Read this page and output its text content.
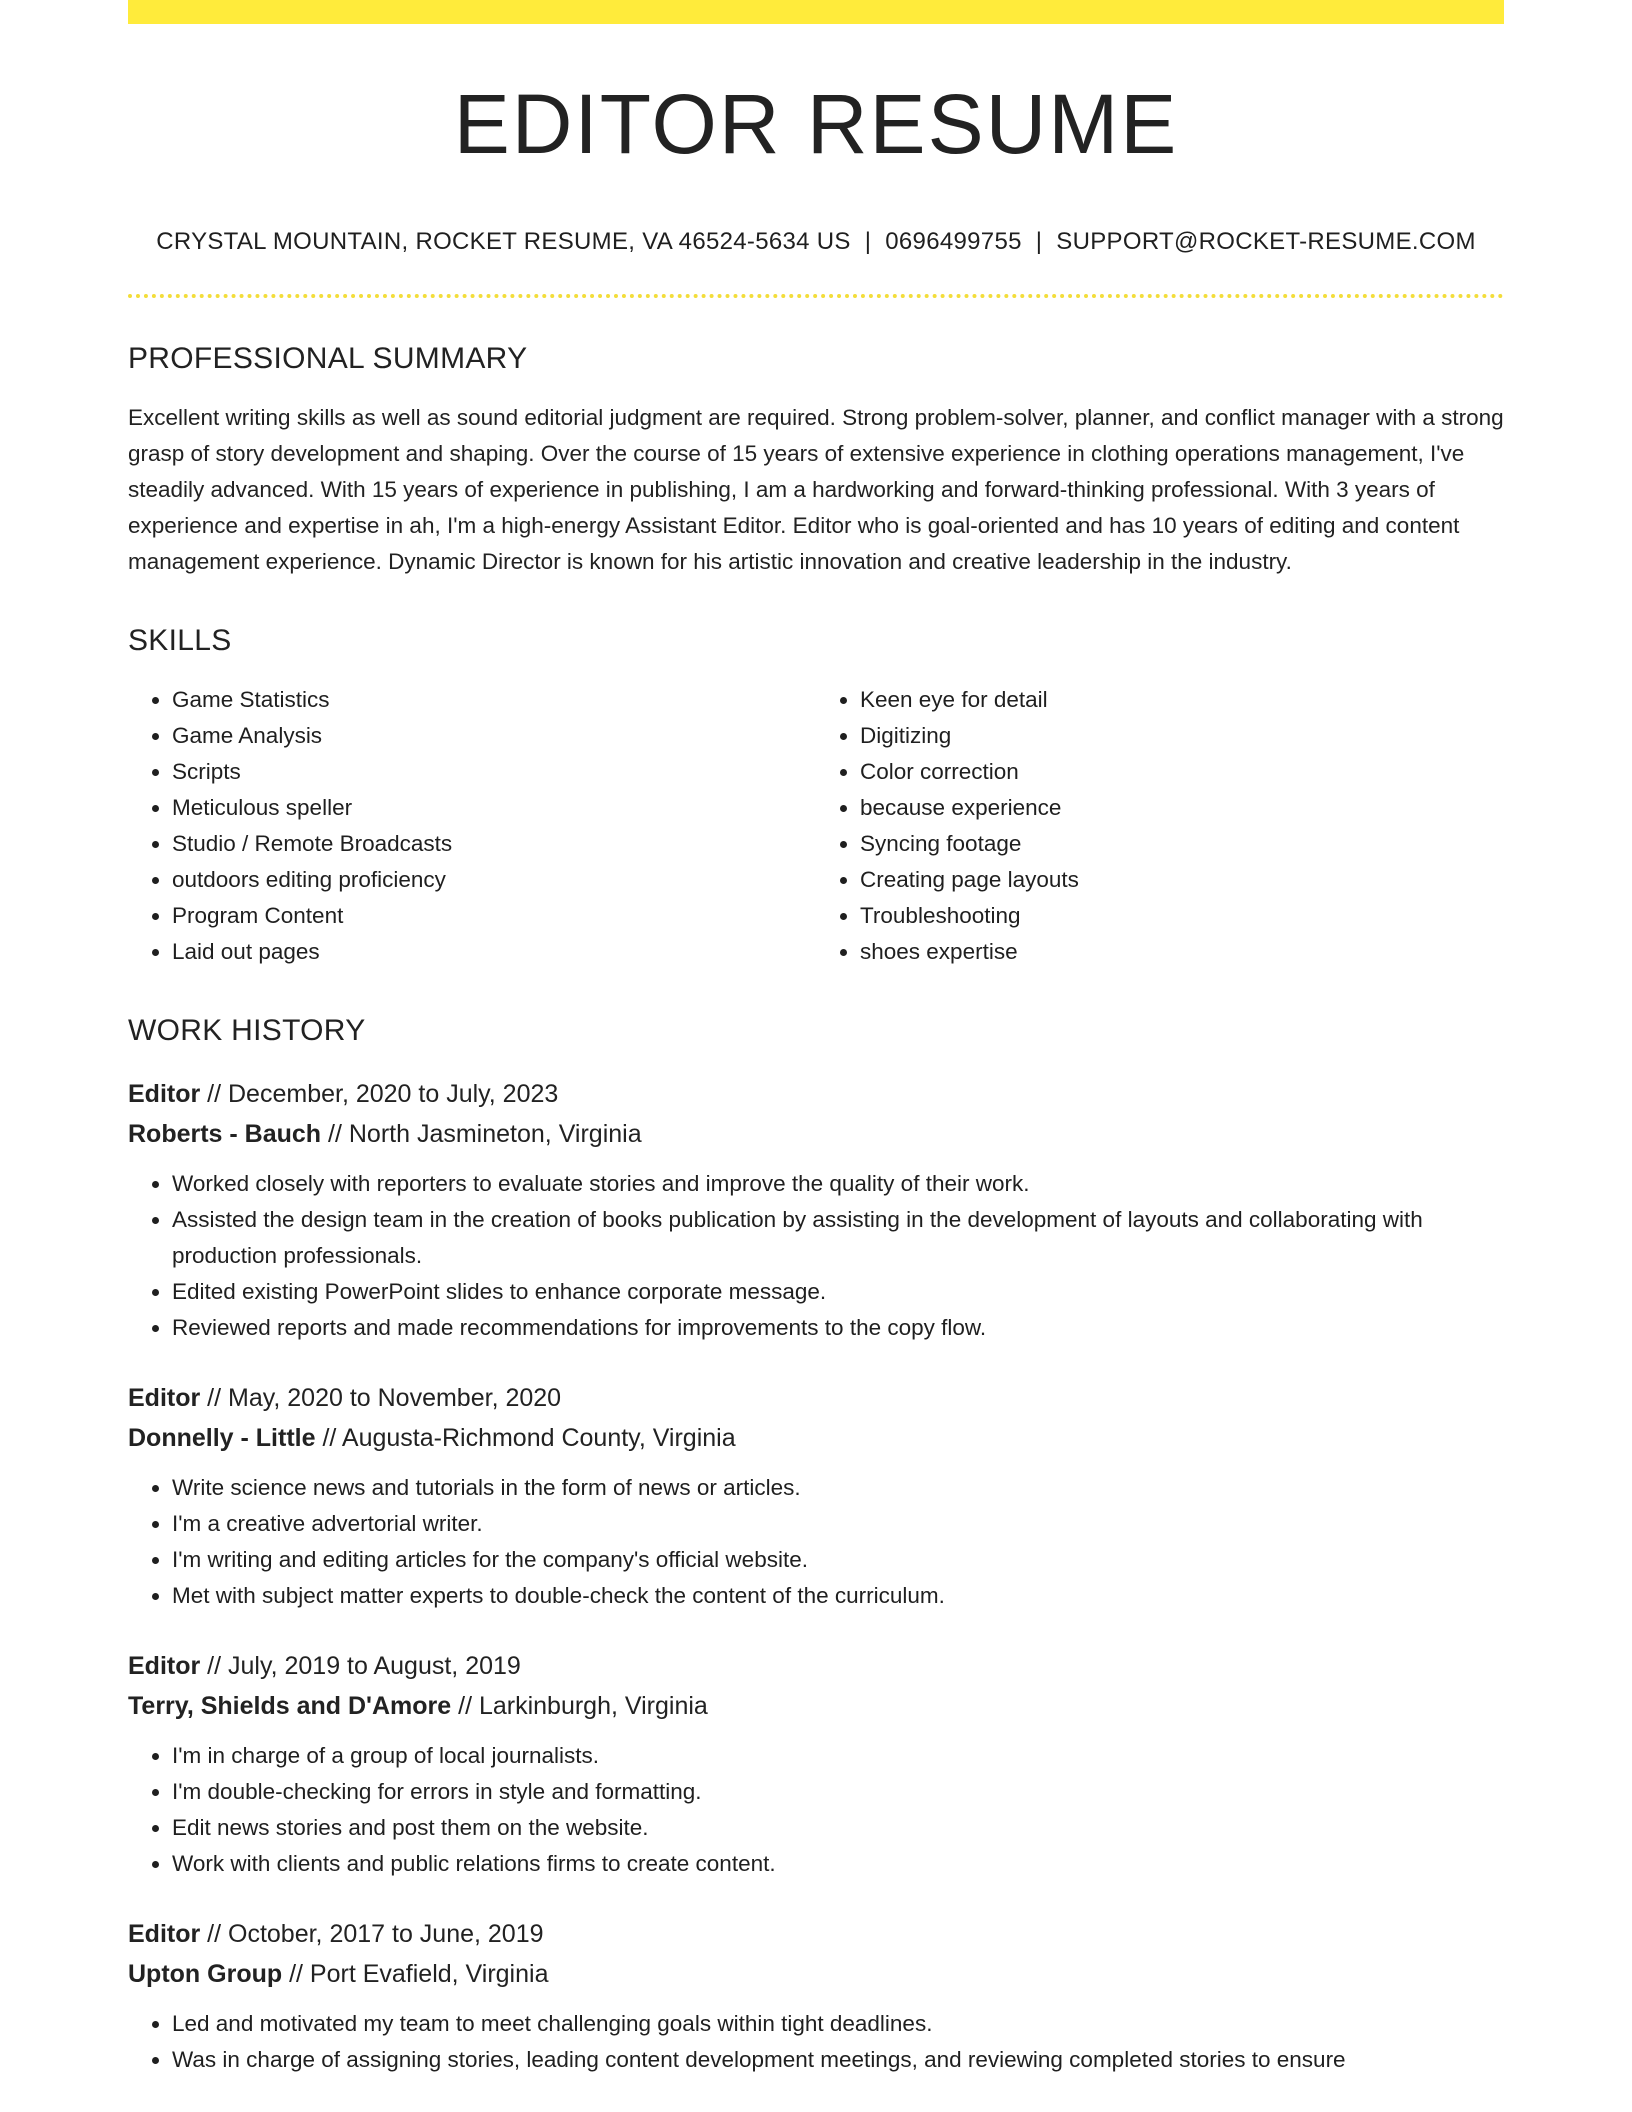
EDITOR RESUME
CRYSTAL MOUNTAIN, ROCKET RESUME, VA 46524-5634 US | 0696499755 | SUPPORT@ROCKET-RESUME.COM
PROFESSIONAL SUMMARY

Excellent writing skills as well as sound editorial judgment are required. Strong problem-solver, planner, and conflict manager with a strong grasp of story development and shaping. Over the course of 15 years of extensive experience in clothing operations management, I've steadily advanced. With 15 years of experience in publishing, I am a hardworking and forward-thinking professional. With 3 years of experience and expertise in ah, I'm a high-energy Assistant Editor. Editor who is goal-oriented and has 10 years of editing and content management experience. Dynamic Director is known for his artistic innovation and creative leadership in the industry.

SKILLS
• Game Statistics
• Game Analysis
• Scripts
• Meticulous speller
• Studio / Remote Broadcasts
• outdoors editing proficiency
• Program Content
• Laid out pages
• Keen eye for detail
• Digitizing
• Color correction
• because experience
• Syncing footage
• Creating page layouts
• Troubleshooting
• shoes expertise
WORK HISTORY
Editor // December, 2020 to July, 2023
Roberts - Bauch // North Jasmineton, Virginia
• Worked closely with reporters to evaluate stories and improve the quality of their work.
• Assisted the design team in the creation of books publication by assisting in the development of layouts and collaborating with production professionals.
• Edited existing PowerPoint slides to enhance corporate message.
• Reviewed reports and made recommendations for improvements to the copy flow.
Editor // May, 2020 to November, 2020
Donnelly - Little // Augusta-Richmond County, Virginia
• Write science news and tutorials in the form of news or articles.
• I'm a creative advertorial writer.
• I'm writing and editing articles for the company's official website.
• Met with subject matter experts to double-check the content of the curriculum.
Editor // July, 2019 to August, 2019
Terry, Shields and D'Amore // Larkinburgh, Virginia
• I'm in charge of a group of local journalists.
• I'm double-checking for errors in style and formatting.
• Edit news stories and post them on the website.
• Work with clients and public relations firms to create content.
Editor // October, 2017 to June, 2019
Upton Group // Port Evafield, Virginia
• Led and motivated my team to meet challenging goals within tight deadlines.
• Was in charge of assigning stories, leading content development meetings, and reviewing completed stories to ensure
